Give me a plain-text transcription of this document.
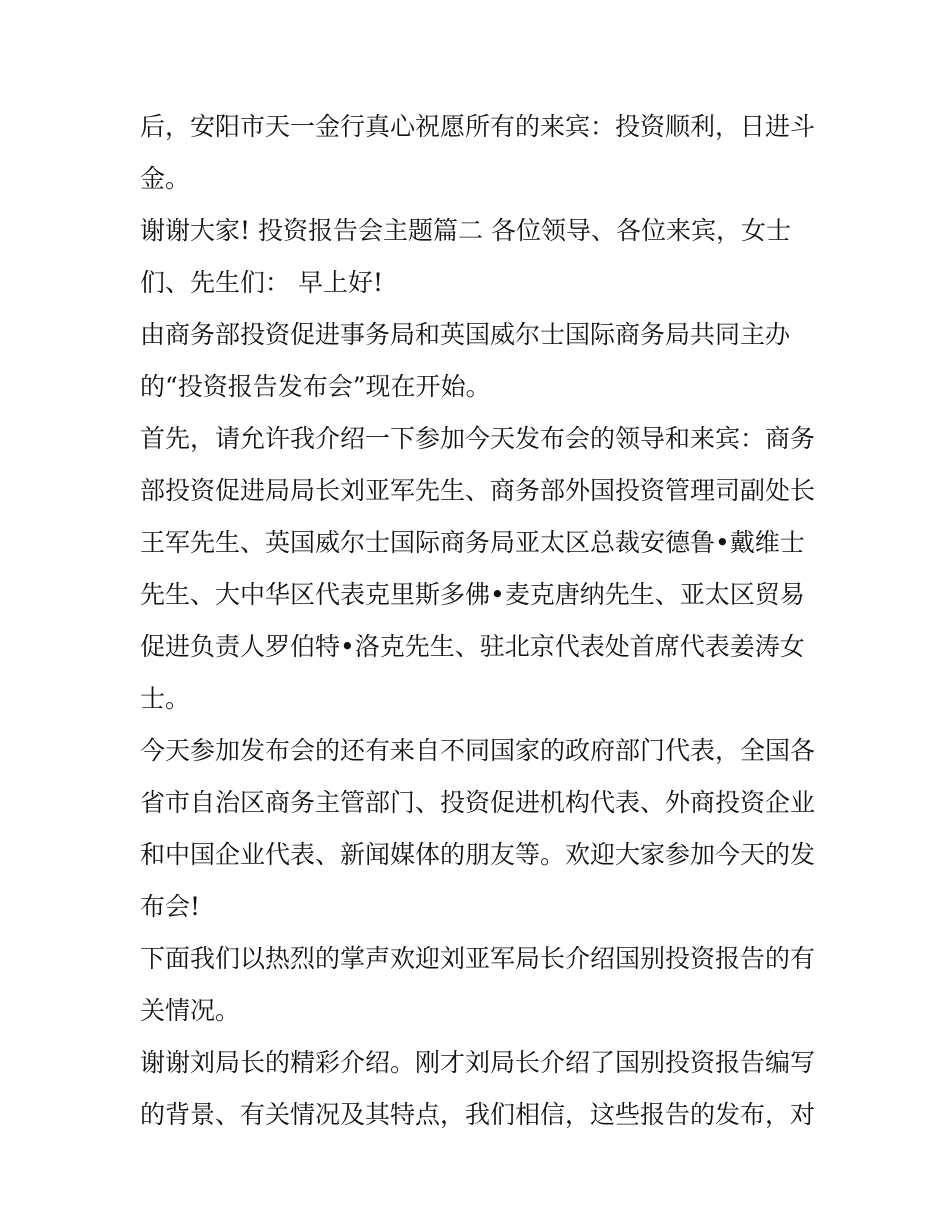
后，安阳市天一金行真心祝愿所有的来宾：投资顺利，日进斗
金。
谢谢大家! 投资报告会主题篇二 各位领导、各位来宾，女士
们、先生们： 早上好!
由商务部投资促进事务局和英国威尔士国际商务局共同主办
的“投资报告发布会”现在开始。
首先，请允许我介绍一下参加今天发布会的领导和来宾：商务
部投资促进局局长刘亚军先生、商务部外国投资管理司副处长
王军先生、英国威尔士国际商务局亚太区总裁安德鲁•戴维士
先生、大中华区代表克里斯多佛•麦克唐纳先生、亚太区贸易
促进负责人罗伯特•洛克先生、驻北京代表处首席代表姜涛女
士。
今天参加发布会的还有来自不同国家的政府部门代表，全国各
省市自治区商务主管部门、投资促进机构代表、外商投资企业
和中国企业代表、新闻媒体的朋友等。欢迎大家参加今天的发
布会!
下面我们以热烈的掌声欢迎刘亚军局长介绍国别投资报告的有
关情况。
谢谢刘局长的精彩介绍。刚才刘局长介绍了国别投资报告编写
的背景、有关情况及其特点，我们相信，这些报告的发布，对
